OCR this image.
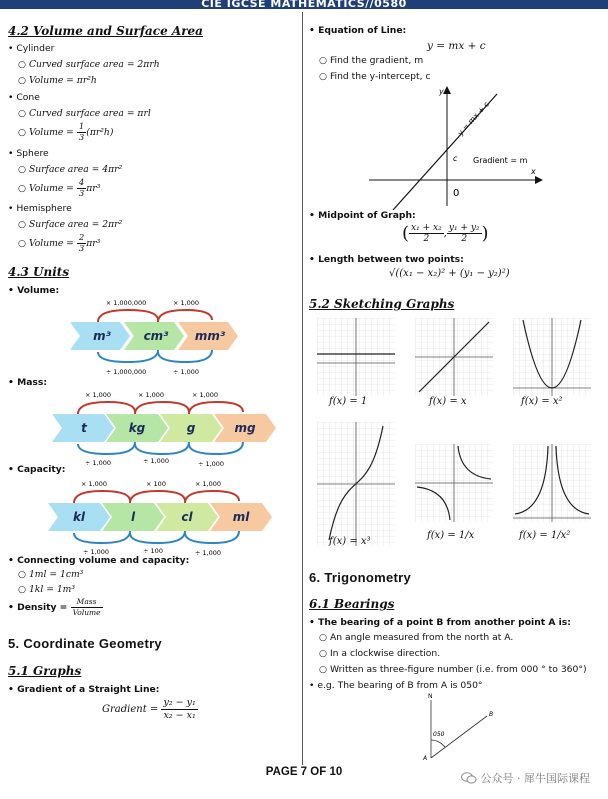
CIE IGCSE MATHEMATICS//0580
4.2 Volume and Surface Area
• Cylinder
○ Curved surface area = 2πrh
○ Volume = πr²h
• Cone
○ Curved surface area = πrl
○ Volume = $\frac{1}{3} (\pi r^2h)$
• Sphere
○ Surface area = 4πr²
○ Volume = $\frac{4}{3} \pi r^3$
• Hemisphere
○ Surface area = 2πr²
○ Volume = $\frac{2}{3} \pi r^3$
4.3 Units
• Volume:
m³	cm³ mm³
× 1,000,000	× 1,000
÷ 1,000,000	÷ 1,000
• Mass:
t	kg	g	mg
× 1,000	× 1,000	× 1,000
÷ 1,000	÷ 1,000	÷ 1,000
• Capacity:
kl	l	cl	ml
× 1,000	× 100	× 1,000
÷ 1,000	÷ 100	÷ 1,000
• Connecting volume and capacity:
○ 1ml = 1cm³
○ 1kl = 1m³
• Density = $\frac{\text{Mass}}{\text{Volume}}$
5. Coordinate Geometry
5.1 Graphs
• Gradient of a Straight Line:
Gradient = $\frac{\text{y₂ − y₁}}{\text{x₂ − x₁}}$
• Equation of Line:
y = mx + c
○ Find the gradient, m
○ Find the y-intercept, c
y
x
y = mx + c
c
0
Gradient = m
• Midpoint of Graph:
( $\frac{\text{x₁ + x₂}}{2}$ , $\frac{\text{y₁ + y₂}}{2}$ )
• Length between two points:
√((x₁ − x₂)² + (y₁ − y₂)²)
5.2 Sketching Graphs
f(x) = 1	f(x) = x	f(x) = x²
f(x) = x³
f(x) = 1/x	f(x) = 1/x²
6. Trigonometry
6.1 Bearings
• The bearing of a point B from another point A is:
○ An angle measured from the north at A.
○ In a clockwise direction.
○ Written as three-figure number (i.e. from 000 ° to 360°)
• e.g. The bearing of B from A is 050°
N
B
A
050
PAGE 7 OF 10	公众号 · 犀牛国际课程
